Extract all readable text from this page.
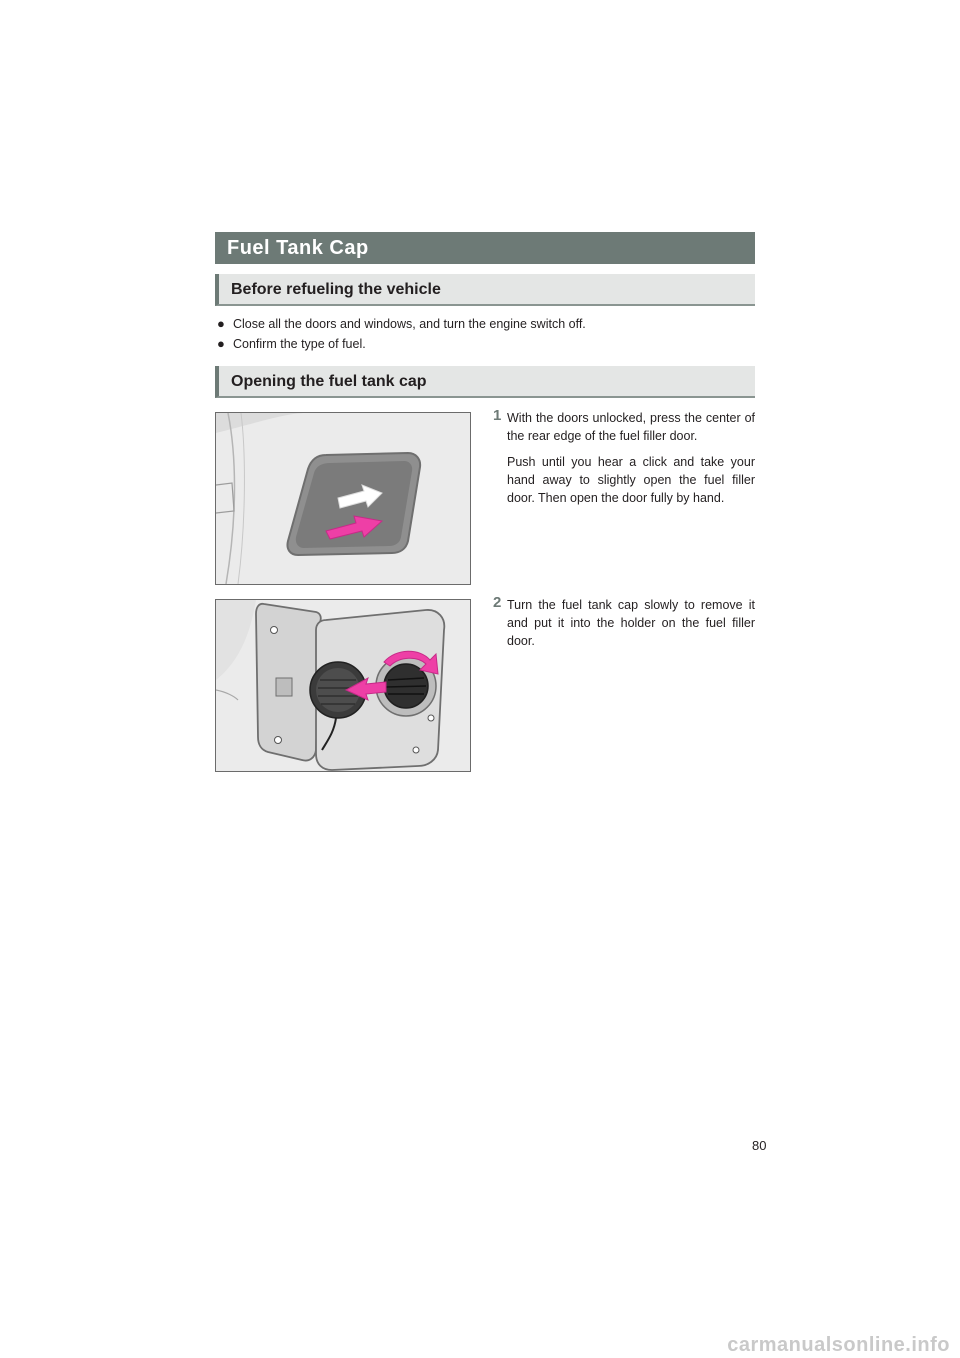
Fuel Tank Cap
Before refueling the vehicle
● Close all the doors and windows, and turn the engine switch off.
● Confirm the type of fuel.
Opening the fuel tank cap
1 With the doors unlocked, press the center of the rear edge of the fuel filler door.
Push until you hear a click and take your hand away to slightly open the fuel filler door. Then open the door fully by hand.
2 Turn the fuel tank cap slowly to remove it and put it into the holder on the fuel filler door.
80
carmanualsonline.info
